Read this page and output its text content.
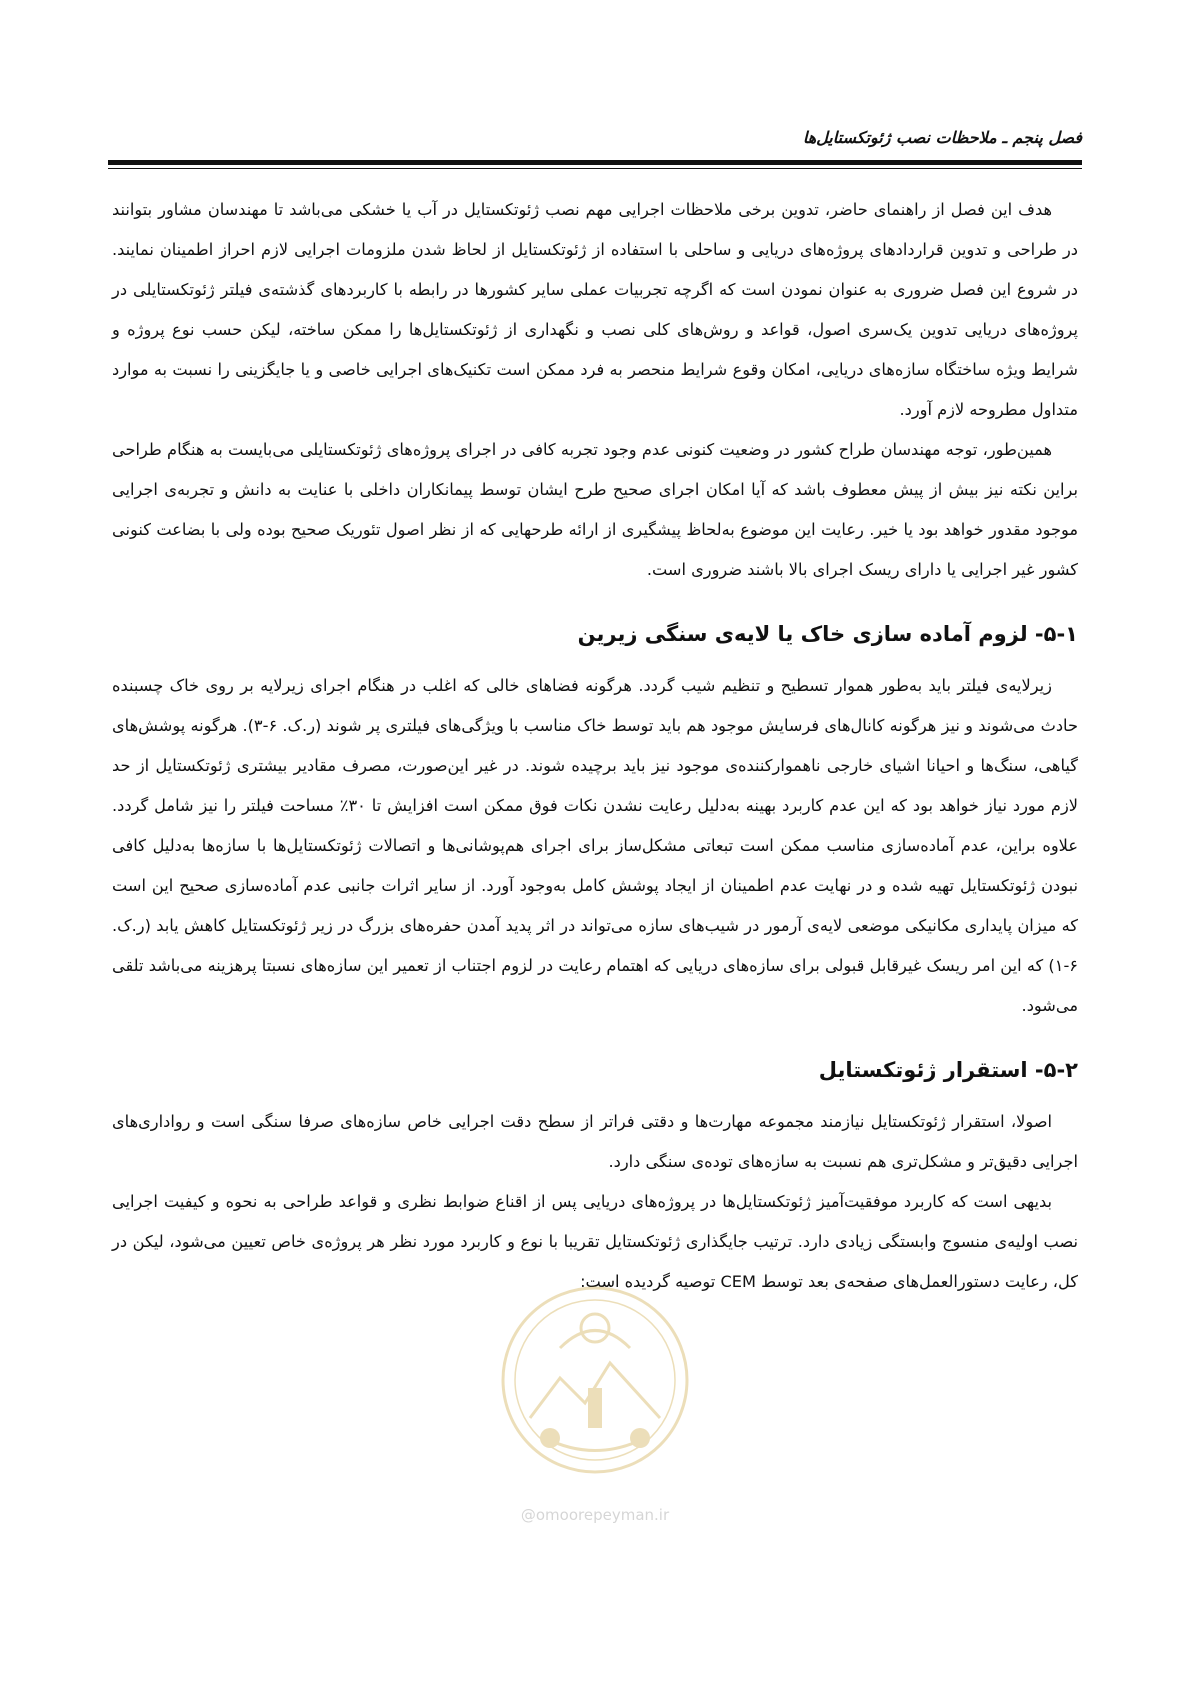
فصل پنجم ـ ملاحظات نصب ژئوتکستایل‌ها

هدف این فصل از راهنمای حاضر، تدوین برخی ملاحظات اجرایی مهم نصب ژئوتکستایل در آب یا خشکی می‌باشد تا مهندسان مشاور بتوانند در طراحی و تدوین قراردادهای پروژه‌های دریایی و ساحلی با استفاده از ژئوتکستایل از لحاظ شدن ملزومات اجرایی لازم احراز اطمینان نمایند. در شروع این فصل ضروری به عنوان نمودن است که اگرچه تجربیات عملی سایر کشورها در رابطه با کاربردهای گذشته‌ی فیلتر ژئوتکستایلی در پروژه‌های دریایی تدوین یک‌سری اصول، قواعد و روش‌های کلی نصب و نگهداری از ژئوتکستایل‌ها را ممکن ساخته، لیکن حسب نوع پروژه و شرایط ویژه ساختگاه سازه‌های دریایی، امکان وقوع شرایط منحصر به فرد ممکن است تکنیک‌های اجرایی خاصی و یا جایگزینی را نسبت به موارد متداول مطروحه لازم آورد.

همین‌طور، توجه مهندسان طراح کشور در وضعیت کنونی عدم وجود تجربه کافی در اجرای پروژه‌های ژئوتکستایلی می‌بایست به هنگام طراحی براین نکته نیز بیش از پیش معطوف باشد که آیا امکان اجرای صحیح طرح ایشان توسط پیمانکاران داخلی با عنایت به دانش و تجربه‌ی اجرایی موجود مقدور خواهد بود یا خیر. رعایت این موضوع به‌لحاظ پیشگیری از ارائه طرحهایی که از نظر اصول تئوریک صحیح بوده ولی با بضاعت کنونی کشور غیر اجرایی یا دارای ریسک اجرای بالا باشند ضروری است.

۵-۱- لزوم آماده سازی خاک یا لایه‌ی سنگی زیرین

زیرلایه‌ی فیلتر باید به‌طور هموار تسطیح و تنظیم شیب گردد. هرگونه فضاهای خالی که اغلب در هنگام اجرای زیرلایه بر روی خاک چسبنده حادث می‌شوند و نیز هرگونه کانال‌های فرسایش موجود هم باید توسط خاک مناسب با ویژگی‌های فیلتری پر شوند (ر.ک. ۶-۳). هرگونه پوشش‌های گیاهی، سنگ‌ها و احیانا اشیای خارجی ناهموارکننده‌ی موجود نیز باید برچیده شوند. در غیر این‌صورت، مصرف مقادیر بیشتری ژئوتکستایل از حد لازم مورد نیاز خواهد بود که این عدم کاربرد بهینه به‌دلیل رعایت نشدن نکات فوق ممکن است افزایش تا ۳۰٪ مساحت فیلتر را نیز شامل گردد. علاوه براین، عدم آماده‌سازی مناسب ممکن است تبعاتی مشکل‌ساز برای اجرای هم‌پوشانی‌ها و اتصالات ژئوتکستایل‌ها با سازه‌ها به‌دلیل کافی نبودن ژئوتکستایل تهیه شده و در نهایت عدم اطمینان از ایجاد پوشش کامل به‌وجود آورد. از سایر اثرات جانبی عدم آماده‌سازی صحیح این است که میزان پایداری مکانیکی موضعی لایه‌ی آرمور در شیب‌های سازه می‌تواند در اثر پدید آمدن حفره‌های بزرگ در زیر ژئوتکستایل کاهش یابد (ر.ک. ۶-۱) که این امر ریسک غیرقابل قبولی برای سازه‌های دریایی که اهتمام رعایت در لزوم اجتناب از تعمیر این سازه‌های نسبتا پرهزینه می‌باشد تلقی می‌شود.

۵-۲- استقرار ژئوتکستایل

اصولا، استقرار ژئوتکستایل نیازمند مجموعه مهارت‌ها و دقتی فراتر از سطح دقت اجرایی خاص سازه‌های صرفا سنگی است و رواداری‌های اجرایی دقیق‌تر و مشکل‌تری هم نسبت به سازه‌های توده‌ی سنگی دارد.

بدیهی است که کاربرد موفقیت‌آمیز ژئوتکستایل‌ها در پروژه‌های دریایی پس از اقناع ضوابط نظری و قواعد طراحی به نحوه و کیفیت اجرایی نصب اولیه‌ی منسوج وابستگی زیادی دارد. ترتیب جایگذاری ژئوتکستایل تقریبا با نوع و کاربرد مورد نظر هر پروژه‌ی خاص تعیین می‌شود، لیکن در کل، رعایت دستورالعمل‌های صفحه‌ی بعد توسط CEM توصیه گردیده است:

@omoorepeyman.ir
